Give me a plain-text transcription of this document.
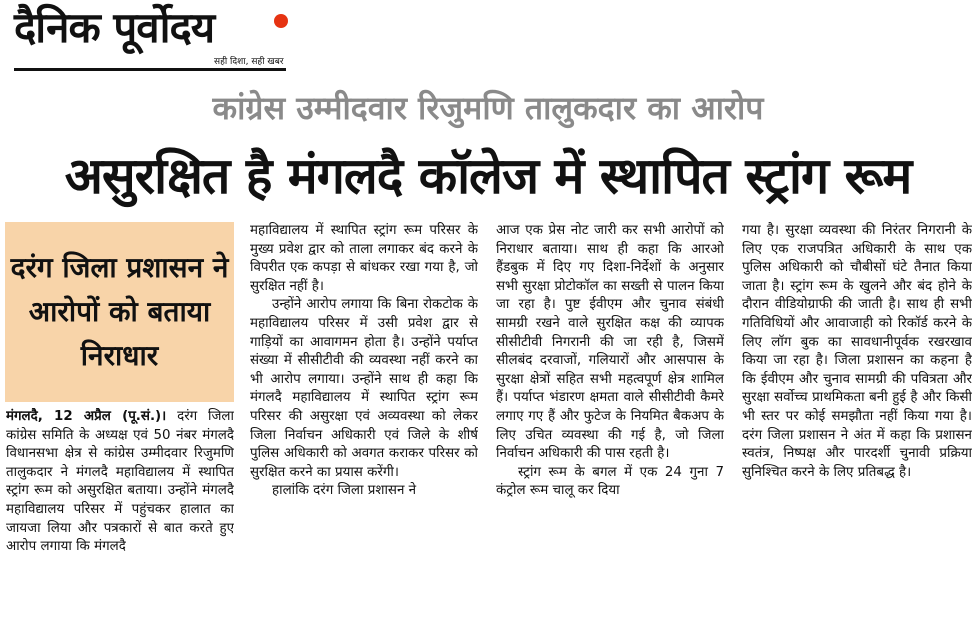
दैनिक पूर्वोदय
सही दिशा, सही खबर
कांग्रेस उम्मीदवार रिजुमणि तालुकदार का आरोप
असुरक्षित है मंगलदै कॉलेज में स्थापित स्ट्रांग रूम
दरंग जिला प्रशासन ने आरोपों को बताया निराधार

मंगलदै, 12 अप्रैल (पू.सं.)। दरंग जिला कांग्रेस समिति के अध्यक्ष एवं 50 नंबर मंगलदै विधानसभा क्षेत्र से कांग्रेस उम्मीदवार रिजुमणि तालुकदार ने मंगलदै महाविद्यालय में स्थापित स्ट्रांग रूम को असुरक्षित बताया। उन्होंने मंगलदै महाविद्यालय परिसर में पहुंचकर हालात का जायजा लिया और पत्रकारों से बात करते हुए आरोप लगाया कि मंगलदै

महाविद्यालय में स्थापित स्ट्रांग रूम परिसर के मुख्य प्रवेश द्वार को ताला लगाकर बंद करने के विपरीत एक कपड़ा से बांधकर रखा गया है, जो सुरक्षित नहीं है।

उन्होंने आरोप लगाया कि बिना रोकटोक के महाविद्यालय परिसर में उसी प्रवेश द्वार से गाड़ियों का आवागमन होता है। उन्होंने पर्याप्त संख्या में सीसीटीवी की व्यवस्था नहीं करने का भी आरोप लगाया। उन्होंने साथ ही कहा कि मंगलदै महाविद्यालय में स्थापित स्ट्रांग रूम परिसर की असुरक्षा एवं अव्यवस्था को लेकर जिला निर्वाचन अधिकारी एवं जिले के शीर्ष पुलिस अधिकारी को अवगत कराकर परिसर को सुरक्षित करने का प्रयास करेंगी।

हालांकि दरंग जिला प्रशासन ने

आज एक प्रेस नोट जारी कर सभी आरोपों को निराधार बताया। साथ ही कहा कि आरओ हैंडबुक में दिए गए दिशा-निर्देशों के अनुसार सभी सुरक्षा प्रोटोकॉल का सख्ती से पालन किया जा रहा है। पुष्ट ईवीएम और चुनाव संबंधी सामग्री रखने वाले सुरक्षित कक्ष की व्यापक सीसीटीवी निगरानी की जा रही है, जिसमें सीलबंद दरवाजों, गलियारों और आसपास के सुरक्षा क्षेत्रों सहित सभी महत्वपूर्ण क्षेत्र शामिल हैं। पर्याप्त भंडारण क्षमता वाले सीसीटीवी कैमरे लगाए गए हैं और फुटेज के नियमित बैकअप के लिए उचित व्यवस्था की गई है, जो जिला निर्वाचन अधिकारी की पास रहती है।

स्ट्रांग रूम के बगल में एक 24 गुना 7 कंट्रोल रूम चालू कर दिया

गया है। सुरक्षा व्यवस्था की निरंतर निगरानी के लिए एक राजपत्रित अधिकारी के साथ एक पुलिस अधिकारी को चौबीसों घंटे तैनात किया जाता है। स्ट्रांग रूम के खुलने और बंद होने के दौरान वीडियोग्राफी की जाती है। साथ ही सभी गतिविधियों और आवाजाही को रिकॉर्ड करने के लिए लॉग बुक का सावधानीपूर्वक रखरखाव किया जा रहा है। जिला प्रशासन का कहना है कि ईवीएम और चुनाव सामग्री की पवित्रता और सुरक्षा सर्वोच्च प्राथमिकता बनी हुई है और किसी भी स्तर पर कोई समझौता नहीं किया गया है। दरंग जिला प्रशासन ने अंत में कहा कि प्रशासन स्वतंत्र, निष्पक्ष और पारदर्शी चुनावी प्रक्रिया सुनिश्चित करने के लिए प्रतिबद्ध है।
